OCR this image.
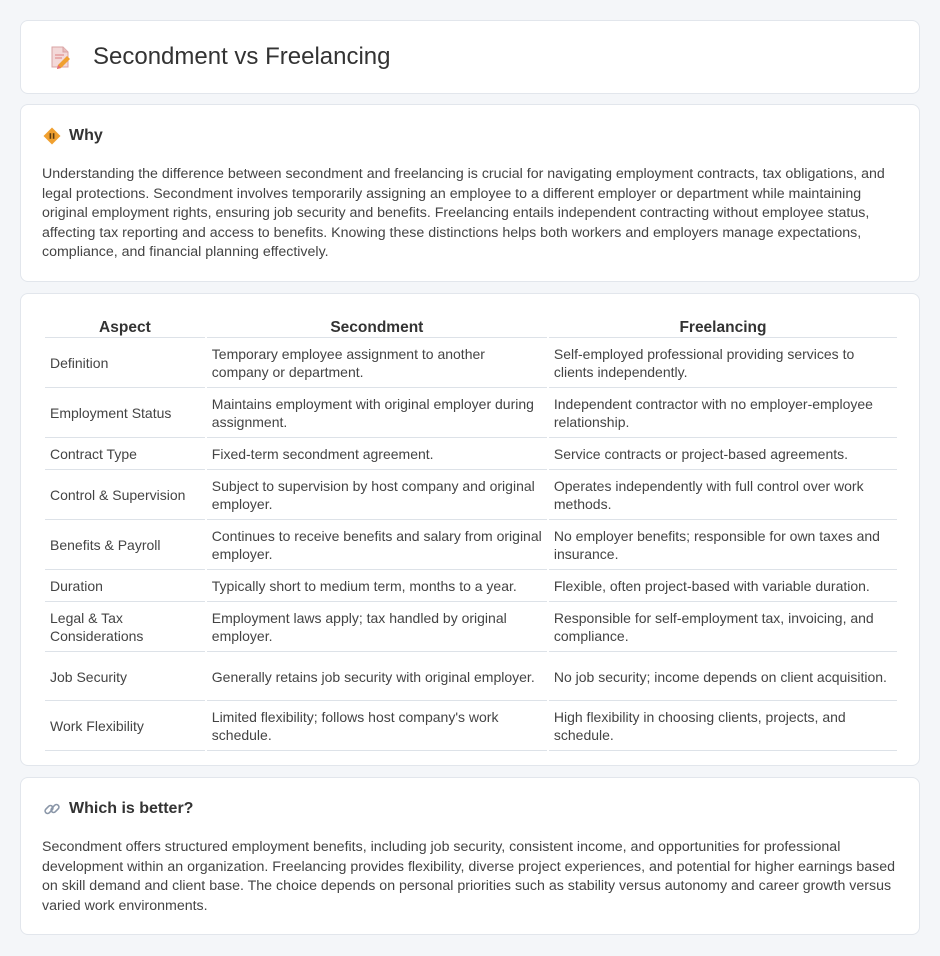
Secondment vs Freelancing
Why

Understanding the difference between secondment and freelancing is crucial for navigating employment contracts, tax obligations, and legal protections. Secondment involves temporarily assigning an employee to a different employer or department while maintaining original employment rights, ensuring job security and benefits. Freelancing entails independent contracting without employee status, affecting tax reporting and access to benefits. Knowing these distinctions helps both workers and employers manage expectations, compliance, and financial planning effectively.

Aspect	Secondment	Freelancing
Definition	Temporary employee assignment to another company or department.	Self-employed professional providing services to clients independently.
Employment Status	Maintains employment with original employer during assignment.	Independent contractor with no employer-employee relationship.
Contract Type	Fixed-term secondment agreement.	Service contracts or project-based agreements.
Control & Supervision	Subject to supervision by host company and original employer.	Operates independently with full control over work methods.
Benefits & Payroll	Continues to receive benefits and salary from original employer.	No employer benefits; responsible for own taxes and insurance.
Duration	Typically short to medium term, months to a year.	Flexible, often project-based with variable duration.
Legal & Tax Considerations	Employment laws apply; tax handled by original employer.	Responsible for self-employment tax, invoicing, and compliance.
Job Security	Generally retains job security with original employer.	No job security; income depends on client acquisition.
Work Flexibility	Limited flexibility; follows host company's work schedule.	High flexibility in choosing clients, projects, and schedule.
Which is better?

Secondment offers structured employment benefits, including job security, consistent income, and opportunities for professional development within an organization. Freelancing provides flexibility, diverse project experiences, and potential for higher earnings based on skill demand and client base. The choice depends on personal priorities such as stability versus autonomy and career growth versus varied work environments.
